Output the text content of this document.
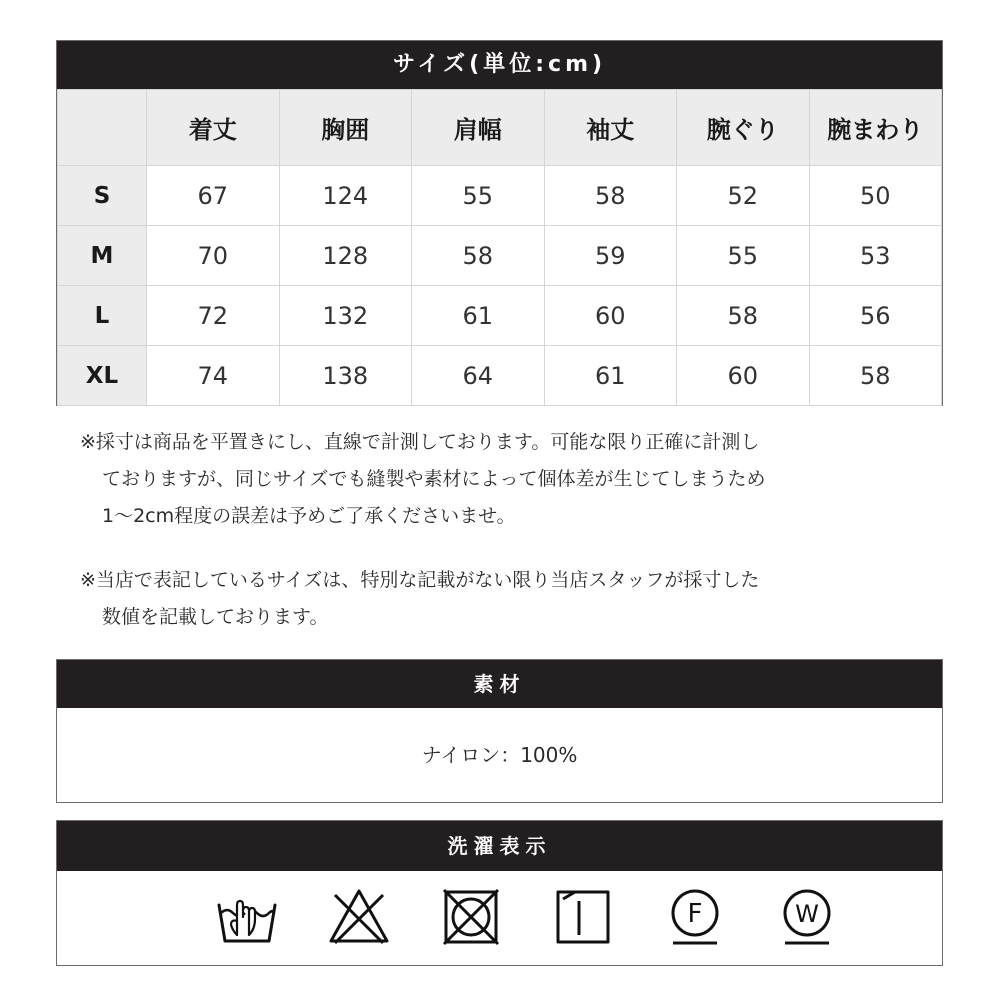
サイズ(単位:cm)
	着丈	胸囲	肩幅	袖丈	腕ぐり	腕まわり
S	67	124	55	58	52	50
M	70	128	58	59	55	53
L	72	132	61	60	58	56
XL	74	138	64	61	60	58

※採寸は商品を平置きにし、直線で計測しております。可能な限り正確に計測し
ておりますが、同じサイズでも縫製や素材によって個体差が生じてしまうため
1～2cm程度の誤差は予めご了承くださいませ。

※当店で表記しているサイズは、特別な記載がない限り当店スタッフが採寸した
数値を記載しております。

素材
ナイロン：100%
洗濯表示
F	W
